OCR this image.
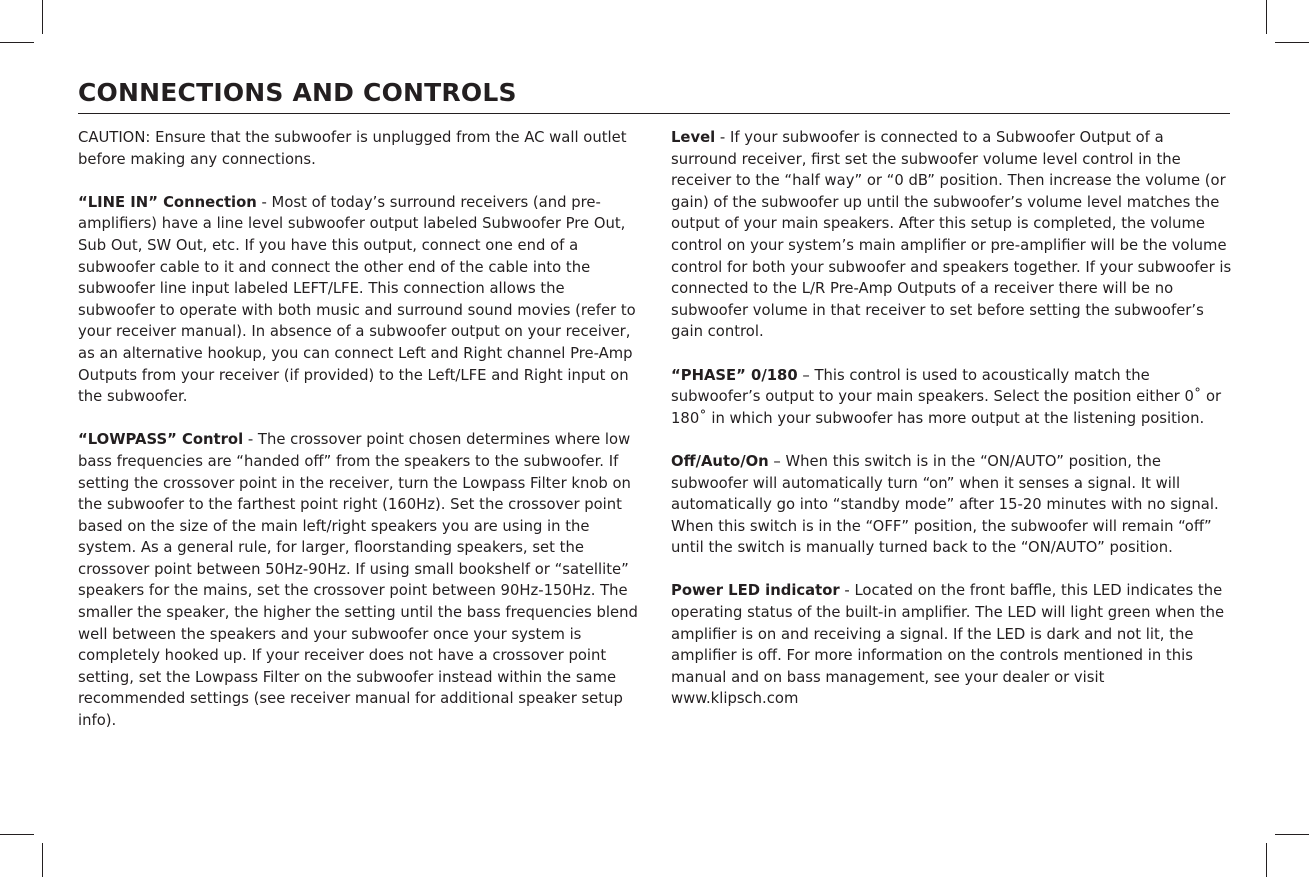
CONNECTIONS AND CONTROLS

CAUTION: Ensure that the subwoofer is unplugged from the AC wall outlet before making any connections.

“LINE IN” Connection - Most of today’s surround receivers (and pre-amplifiers) have a line level subwoofer output labeled Subwoofer Pre Out, Sub Out, SW Out, etc. If you have this output, connect one end of a subwoofer cable to it and connect the other end of the cable into the subwoofer line input labeled LEFT/LFE. This connection allows the subwoofer to operate with both music and surround sound movies (refer to your receiver manual). In absence of a subwoofer output on your receiver, as an alternative hookup, you can connect Left and Right channel Pre-Amp Outputs from your receiver (if provided) to the Left/LFE and Right input on the subwoofer.

“LOWPASS” Control - The crossover point chosen determines where low bass frequencies are “handed off” from the speakers to the subwoofer. If setting the crossover point in the receiver, turn the Lowpass Filter knob on the subwoofer to the farthest point right (160Hz). Set the crossover point based on the size of the main left/right speakers you are using in the system. As a general rule, for larger, floorstanding speakers, set the crossover point between 50Hz-90Hz. If using small bookshelf or “satellite” speakers for the mains, set the crossover point between 90Hz-150Hz. The smaller the speaker, the higher the setting until the bass frequencies blend well between the speakers and your subwoofer once your system is completely hooked up. If your receiver does not have a crossover point setting, set the Lowpass Filter on the subwoofer instead within the same recommended settings (see receiver manual for additional speaker setup info).

Level - If your subwoofer is connected to a Subwoofer Output of a surround receiver, first set the subwoofer volume level control in the receiver to the “half way” or “0 dB” position. Then increase the volume (or gain) of the subwoofer up until the subwoofer’s volume level matches the output of your main speakers. After this setup is completed, the volume control on your system’s main amplifier or pre-amplifier will be the volume control for both your subwoofer and speakers together. If your subwoofer is connected to the L/R Pre-Amp Outputs of a receiver there will be no subwoofer volume in that receiver to set before setting the subwoofer’s gain control.

“PHASE” 0/180 – This control is used to acoustically match the subwoofer’s output to your main speakers. Select the position either 0˚ or 180˚ in which your subwoofer has more output at the listening position.

Off/Auto/On – When this switch is in the “ON/AUTO” position, the subwoofer will automatically turn “on” when it senses a signal. It will automatically go into “standby mode” after 15-20 minutes with no signal. When this switch is in the “OFF” position, the subwoofer will remain “off” until the switch is manually turned back to the “ON/AUTO” position.

Power LED indicator - Located on the front baffle, this LED indicates the operating status of the built-in amplifier. The LED will light green when the amplifier is on and receiving a signal. If the LED is dark and not lit, the amplifier is off. For more information on the controls mentioned in this manual and on bass management, see your dealer or visit www.klipsch.com
